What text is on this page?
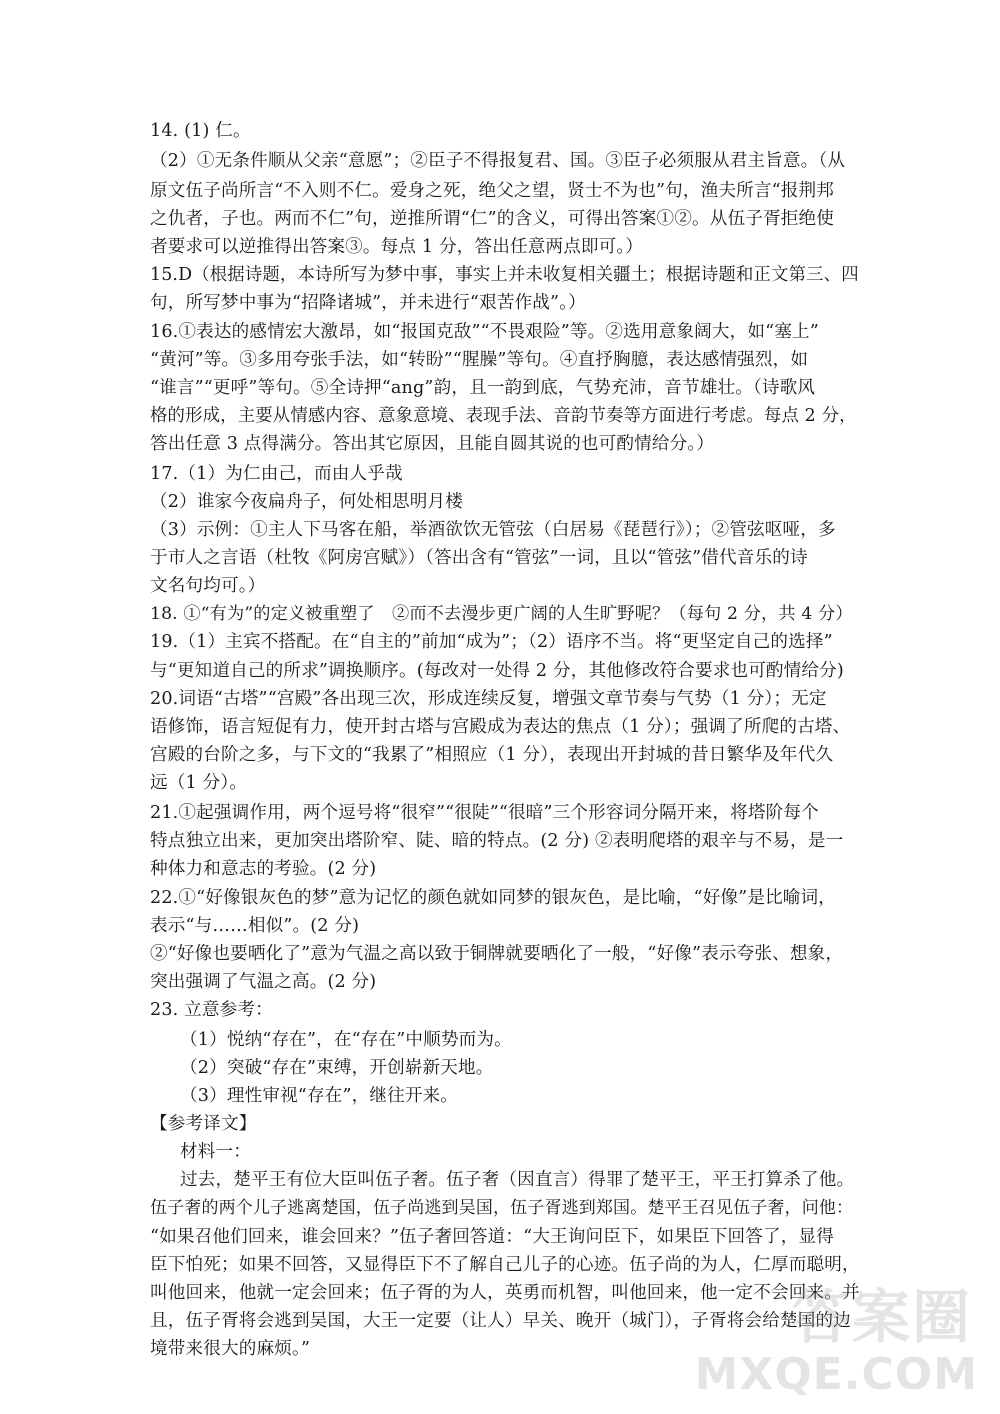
14. (1) 仁。
（2）①无条件顺从父亲“意愿”；②臣子不得报复君、国。③臣子必须服从君主旨意。（从
原文伍子尚所言“不入则不仁。爱身之死，绝父之望，贤士不为也”句，渔夫所言“报荆邦
之仇者，子也。两而不仁”句，逆推所谓“仁”的含义，可得出答案①②。从伍子胥拒绝使
者要求可以逆推得出答案③。每点 1 分，答出任意两点即可。）
15.D（根据诗题，本诗所写为梦中事，事实上并未收复相关疆土；根据诗题和正文第三、四
句，所写梦中事为“招降诸城”，并未进行“艰苦作战”。）
16.①表达的感情宏大激昂，如“报国克敌”“不畏艰险”等。②选用意象阔大，如“塞上”
“黄河”等。③多用夸张手法，如“转盼”“腥臊”等句。④直抒胸臆，表达感情强烈，如
“谁言”“更呼”等句。⑤全诗押“ang”韵，且一韵到底，气势充沛，音节雄壮。（诗歌风
格的形成，主要从情感内容、意象意境、表现手法、音韵节奏等方面进行考虑。每点 2 分，
答出任意 3 点得满分。答出其它原因，且能自圆其说的也可酌情给分。）
17.（1）为仁由己，而由人乎哉
（2）谁家今夜扁舟子，何处相思明月楼
（3）示例：①主人下马客在船，举酒欲饮无管弦（白居易《琵琶行》）；②管弦呕哑，多
于市人之言语（杜牧《阿房宫赋》）（答出含有“管弦”一词，且以“管弦”借代音乐的诗
文名句均可。）
18. ①“有为”的定义被重塑了　②而不去漫步更广阔的人生旷野呢？（每句 2 分，共 4 分）
19.（1）主宾不搭配。在“自主的”前加“成为”；（2）语序不当。将“更坚定自己的选择”
与“更知道自己的所求”调换顺序。(每改对一处得 2 分，其他修改符合要求也可酌情给分)
20.词语“古塔”“宫殿”各出现三次，形成连续反复，增强文章节奏与气势（1 分）；无定
语修饰，语言短促有力，使开封古塔与宫殿成为表达的焦点（1 分）；强调了所爬的古塔、
宫殿的台阶之多，与下文的“我累了”相照应（1 分），表现出开封城的昔日繁华及年代久
远（1 分）。
21.①起强调作用，两个逗号将“很窄”“很陡”“很暗”三个形容词分隔开来，将塔阶每个
特点独立出来，更加突出塔阶窄、陡、暗的特点。(2 分) ②表明爬塔的艰辛与不易，是一
种体力和意志的考验。(2 分)
22.①“好像银灰色的梦”意为记忆的颜色就如同梦的银灰色，是比喻，“好像”是比喻词，
表示“与……相似”。(2 分)
②“好像也要晒化了”意为气温之高以致于铜牌就要晒化了一般，“好像”表示夸张、想象，
突出强调了气温之高。(2 分)
23. 立意参考：
（1）悦纳“存在”，在“存在”中顺势而为。
（2）突破“存在”束缚，开创崭新天地。
（3）理性审视“存在”，继往开来。
【参考译文】
材料一：
过去，楚平王有位大臣叫伍子奢。伍子奢（因直言）得罪了楚平王，平王打算杀了他。
伍子奢的两个儿子逃离楚国，伍子尚逃到吴国，伍子胥逃到郑国。楚平王召见伍子奢，问他：
“如果召他们回来，谁会回来？”伍子奢回答道：“大王询问臣下，如果臣下回答了，显得
臣下怕死；如果不回答，又显得臣下不了解自己儿子的心迹。伍子尚的为人，仁厚而聪明，
叫他回来，他就一定会回来；伍子胥的为人，英勇而机智，叫他回来，他一定不会回来。并
且，伍子胥将会逃到吴国，大王一定要（让人）早关、晚开（城门），子胥将会给楚国的边
境带来很大的麻烦。”	答案圈
MXQE.COM
